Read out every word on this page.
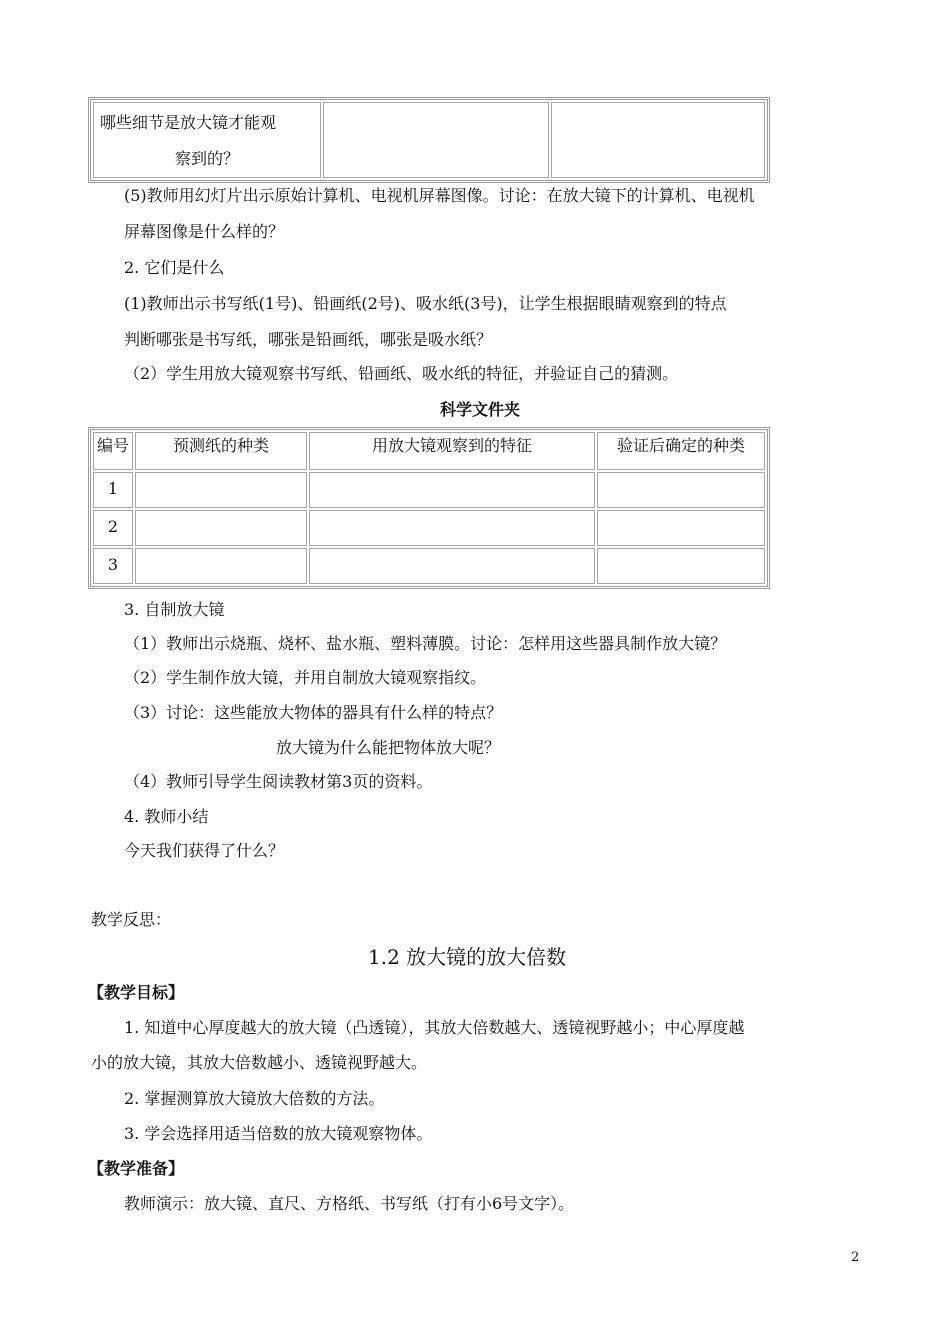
哪些细节是放大镜才能观
察到的？

(5)教师用幻灯片出示原始计算机、电视机屏幕图像。讨论：在放大镜下的计算机、电视机
屏幕图像是什么样的？
2. 它们是什么
(1)教师出示书写纸(1号)、铅画纸(2号)、吸水纸(3号)，让学生根据眼睛观察到的特点
判断哪张是书写纸，哪张是铅画纸，哪张是吸水纸？
（2）学生用放大镜观察书写纸、铅画纸、吸水纸的特征，并验证自己的猜测。
科学文件夹
编号	预测纸的种类	用放大镜观察到的特征	验证后确定的种类
1			
2			
3			
3. 自制放大镜
（1）教师出示烧瓶、烧杯、盐水瓶、塑料薄膜。讨论：怎样用这些器具制作放大镜？
（2）学生制作放大镜，并用自制放大镜观察指纹。
（3）讨论：这些能放大物体的器具有什么样的特点？
放大镜为什么能把物体放大呢？
（4）教师引导学生阅读教材第3页的资料。
4. 教师小结
今天我们获得了什么？
教学反思：
1.2 放大镜的放大倍数
【教学目标】
1. 知道中心厚度越大的放大镜（凸透镜），其放大倍数越大、透镜视野越小；中心厚度越
小的放大镜，其放大倍数越小、透镜视野越大。
2. 掌握测算放大镜放大倍数的方法。
3. 学会选择用适当倍数的放大镜观察物体。
【教学准备】
教师演示：放大镜、直尺、方格纸、书写纸（打有小6号文字）。
2
